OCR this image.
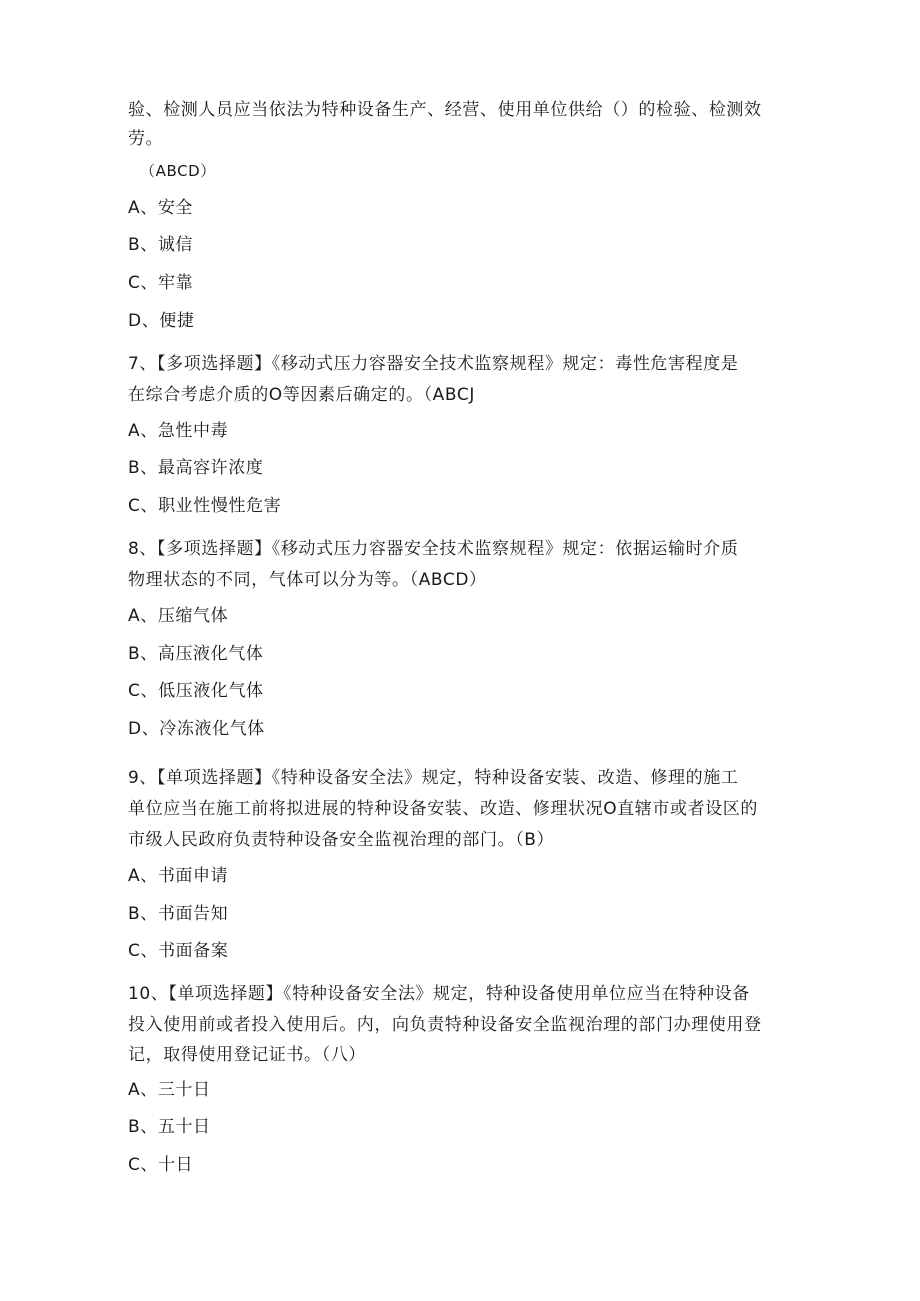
验、检测人员应当依法为特种设备生产、经营、使用单位供给（）的检验、检测效
劳。
（ABCD）
A、安全
B、诚信
C、牢靠
D、便捷
7、【多项选择题】《移动式压力容器安全技术监察规程》规定：毒性危害程度是
在综合考虑介质的O等因素后确定的。（ABCJ
A、急性中毒
B、最高容许浓度
C、职业性慢性危害
8、【多项选择题】《移动式压力容器安全技术监察规程》规定：依据运输时介质
物理状态的不同，气体可以分为等。（ABCD）
A、压缩气体
B、高压液化气体
C、低压液化气体
D、冷冻液化气体
9、【单项选择题】《特种设备安全法》规定，特种设备安装、改造、修理的施工
单位应当在施工前将拟进展的特种设备安装、改造、修理状况O直辖市或者设区的
市级人民政府负责特种设备安全监视治理的部门。（B）
A、书面申请
B、书面告知
C、书面备案
10、【单项选择题】《特种设备安全法》规定，特种设备使用单位应当在特种设备
投入使用前或者投入使用后。内，向负责特种设备安全监视治理的部门办理使用登
记，取得使用登记证书。（八）
A、三十日
B、五十日
C、十日
